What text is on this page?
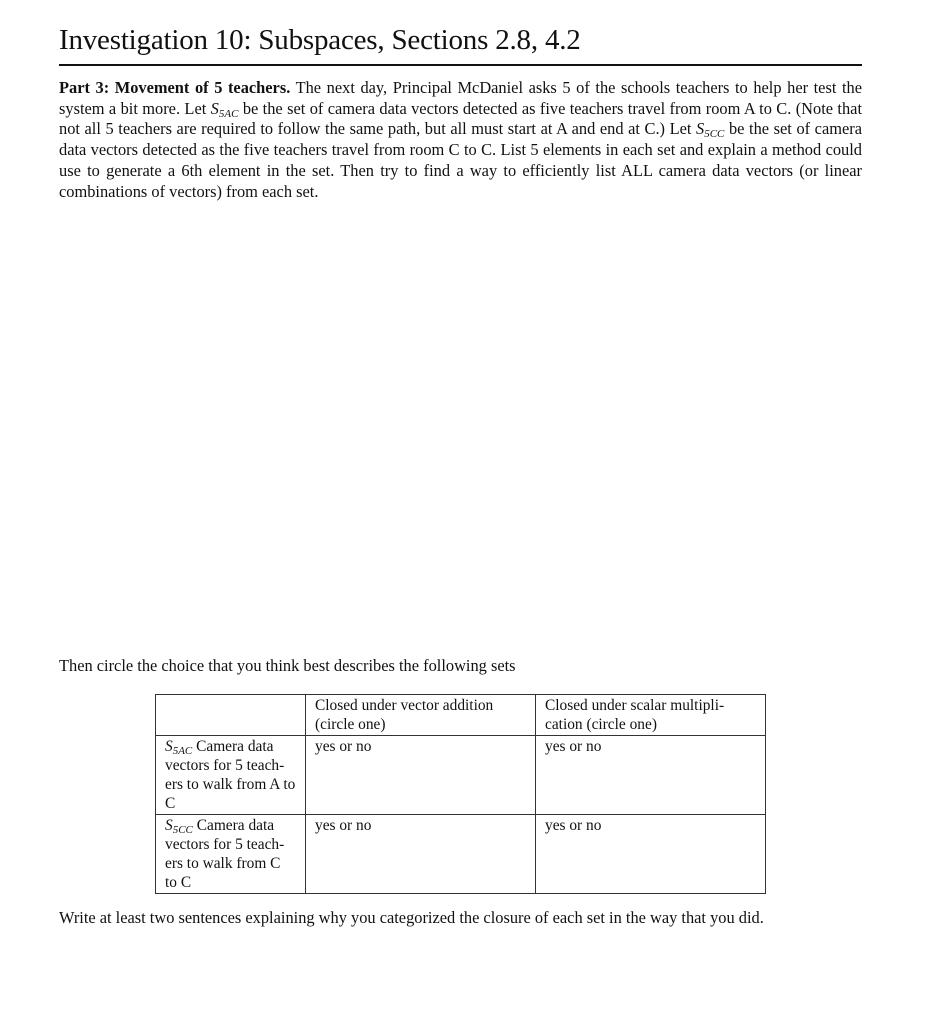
Investigation 10: Subspaces, Sections 2.8, 4.2

Part 3: Movement of 5 teachers. The next day, Principal McDaniel asks 5 of the schools teachers to help her test the system a bit more. Let $S_{5AC}$ be the set of camera data vectors detected as five teachers travel from room A to C. (Note that not all 5 teachers are required to follow the same path, but all must start at A and end at C.) Let $S_{5CC}$ be the set of camera data vectors detected as the five teachers travel from room C to C. List 5 elements in each set and explain a method could use to generate a 6th element in the set. Then try to find a way to efficiently list ALL camera data vectors (or linear combinations of vectors) from each set.

Then circle the choice that you think best describes the following sets
	Closed under vector addition (circle one)	Closed under scalar multipli- cation (circle one)
$S_{5AC}$ Camera data vectors for 5 teach- ers to walk from A to C	yes or no	yes or no
$S_{5CC}$ Camera data vectors for 5 teach- ers to walk from C to C	yes or no	yes or no
Write at least two sentences explaining why you categorized the closure of each set in the way that you did.
